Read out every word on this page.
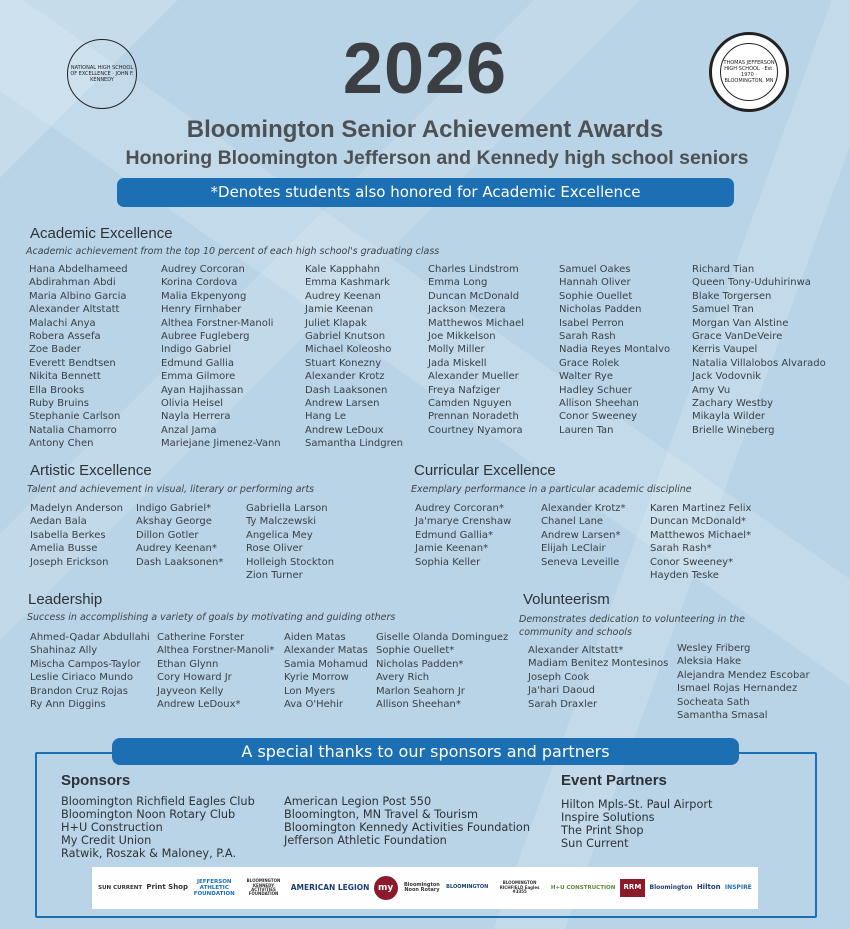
NATIONAL HIGH SCHOOL OF EXCELLENCE · JOHN F. KENNEDY
THOMAS JEFFERSON HIGH SCHOOL · Est. 1970 · BLOOMINGTON, MN
2026
Bloomington Senior Achievement Awards
Honoring Bloomington Jefferson and Kennedy high school seniors
*Denotes students also honored for Academic Excellence
Academic Excellence
Academic achievement from the top 10 percent of each high school's graduating class
Hana Abdelhameed
Abdirahman Abdi
Maria Albino Garcia
Alexander Altstatt
Malachi Anya
Robera Assefa
Zoe Bader
Everett Bendtsen
Nikita Bennett
Ella Brooks
Ruby Bruins
Stephanie Carlson
Natalia Chamorro
Antony Chen
Audrey Corcoran
Korina Cordova
Malia Ekpenyong
Henry Firnhaber
Althea Forstner-Manoli
Aubree Fugleberg
Indigo Gabriel
Edmund Gallia
Emma Gilmore
Ayan Hajihassan
Olivia Heisel
Nayla Herrera
Anzal Jama
Mariejane Jimenez-Vann
Kale Kapphahn
Emma Kashmark
Audrey Keenan
Jamie Keenan
Juliet Klapak
Gabriel Knutson
Michael Koleosho
Stuart Konezny
Alexander Krotz
Dash Laaksonen
Andrew Larsen
Hang Le
Andrew LeDoux
Samantha Lindgren
Charles Lindstrom
Emma Long
Duncan McDonald
Jackson Mezera
Matthewos Michael
Joe Mikkelson
Molly Miller
Jada Miskell
Alexander Mueller
Freya Nafziger
Camden Nguyen
Prennan Noradeth
Courtney Nyamora
Samuel Oakes
Hannah Oliver
Sophie Ouellet
Nicholas Padden
Isabel Perron
Sarah Rash
Nadia Reyes Montalvo
Grace Rolek
Walter Rye
Hadley Schuer
Allison Sheehan
Conor Sweeney
Lauren Tan
Richard Tian
Queen Tony-Uduhirinwa
Blake Torgersen
Samuel Tran
Morgan Van Alstine
Grace VanDeVeire
Kerris Vaupel
Natalia Villalobos Alvarado
Jack Vodovnik
Amy Vu
Zachary Westby
Mikayla Wilder
Brielle Wineberg
Artistic Excellence
Talent and achievement in visual, literary or performing arts
Madelyn Anderson
Aedan Bala
Isabella Berkes
Amelia Busse
Joseph Erickson
Indigo Gabriel*
Akshay George
Dillon Gotler
Audrey Keenan*
Dash Laaksonen*
Gabriella Larson
Ty Malczewski
Angelica Mey
Rose Oliver
Holleigh Stockton
Zion Turner
Curricular Excellence
Exemplary performance in a particular academic discipline
Audrey Corcoran*
Ja'marye Crenshaw
Edmund Gallia*
Jamie Keenan*
Sophia Keller
Alexander Krotz*
Chanel Lane
Andrew Larsen*
Elijah LeClair
Seneva Leveille
Karen Martinez Felix
Duncan McDonald*
Matthewos Michael*
Sarah Rash*
Conor Sweeney*
Hayden Teske
Leadership
Success in accomplishing a variety of goals by motivating and guiding others
Ahmed-Qadar Abdullahi
Shahinaz Ally
Mischa Campos-Taylor
Leslie Ciriaco Mundo
Brandon Cruz Rojas
Ry Ann Diggins
Catherine Forster
Althea Forstner-Manoli*
Ethan Glynn
Cory Howard Jr
Jayveon Kelly
Andrew LeDoux*
Aiden Matas
Alexander Matas
Samia Mohamud
Kyrie Morrow
Lon Myers
Ava O'Hehir
Giselle Olanda Dominguez
Sophie Ouellet*
Nicholas Padden*
Avery Rich
Marlon Seahorn Jr
Allison Sheehan*
Volunteerism
Demonstrates dedication to volunteering in the community and schools
Alexander Altstatt*
Madiam Benitez Montesinos
Joseph Cook
Ja'hari Daoud
Sarah Draxler
Wesley Friberg
Aleksia Hake
Alejandra Mendez Escobar
Ismael Rojas Hernandez
Socheata Sath
Samantha Smasal
A special thanks to our sponsors and partners
Sponsors
Bloomington Richfield Eagles Club
Bloomington Noon Rotary Club
H+U Construction
My Credit Union
Ratwik, Roszak & Maloney, P.A.
American Legion Post 550
Bloomington, MN Travel & Tourism
Bloomington Kennedy Activities Foundation
Jefferson Athletic Foundation
Event Partners
Hilton Mpls-St. Paul Airport
Inspire Solutions
The Print Shop
Sun Current
SUN CURRENT Print Shop
JEFFERSON ATHLETIC FOUNDATION
BLOOMINGTON KENNEDY ACTIVITIES FOUNDATION
AMERICAN LEGION my	Bloomington Noon Rotary	BLOOMINGTON
BLOOMINGTON RICHFIELD Eagles #3355
H+U CONSTRUCTION	RRM	Bloomington Hilton INSPIRE
